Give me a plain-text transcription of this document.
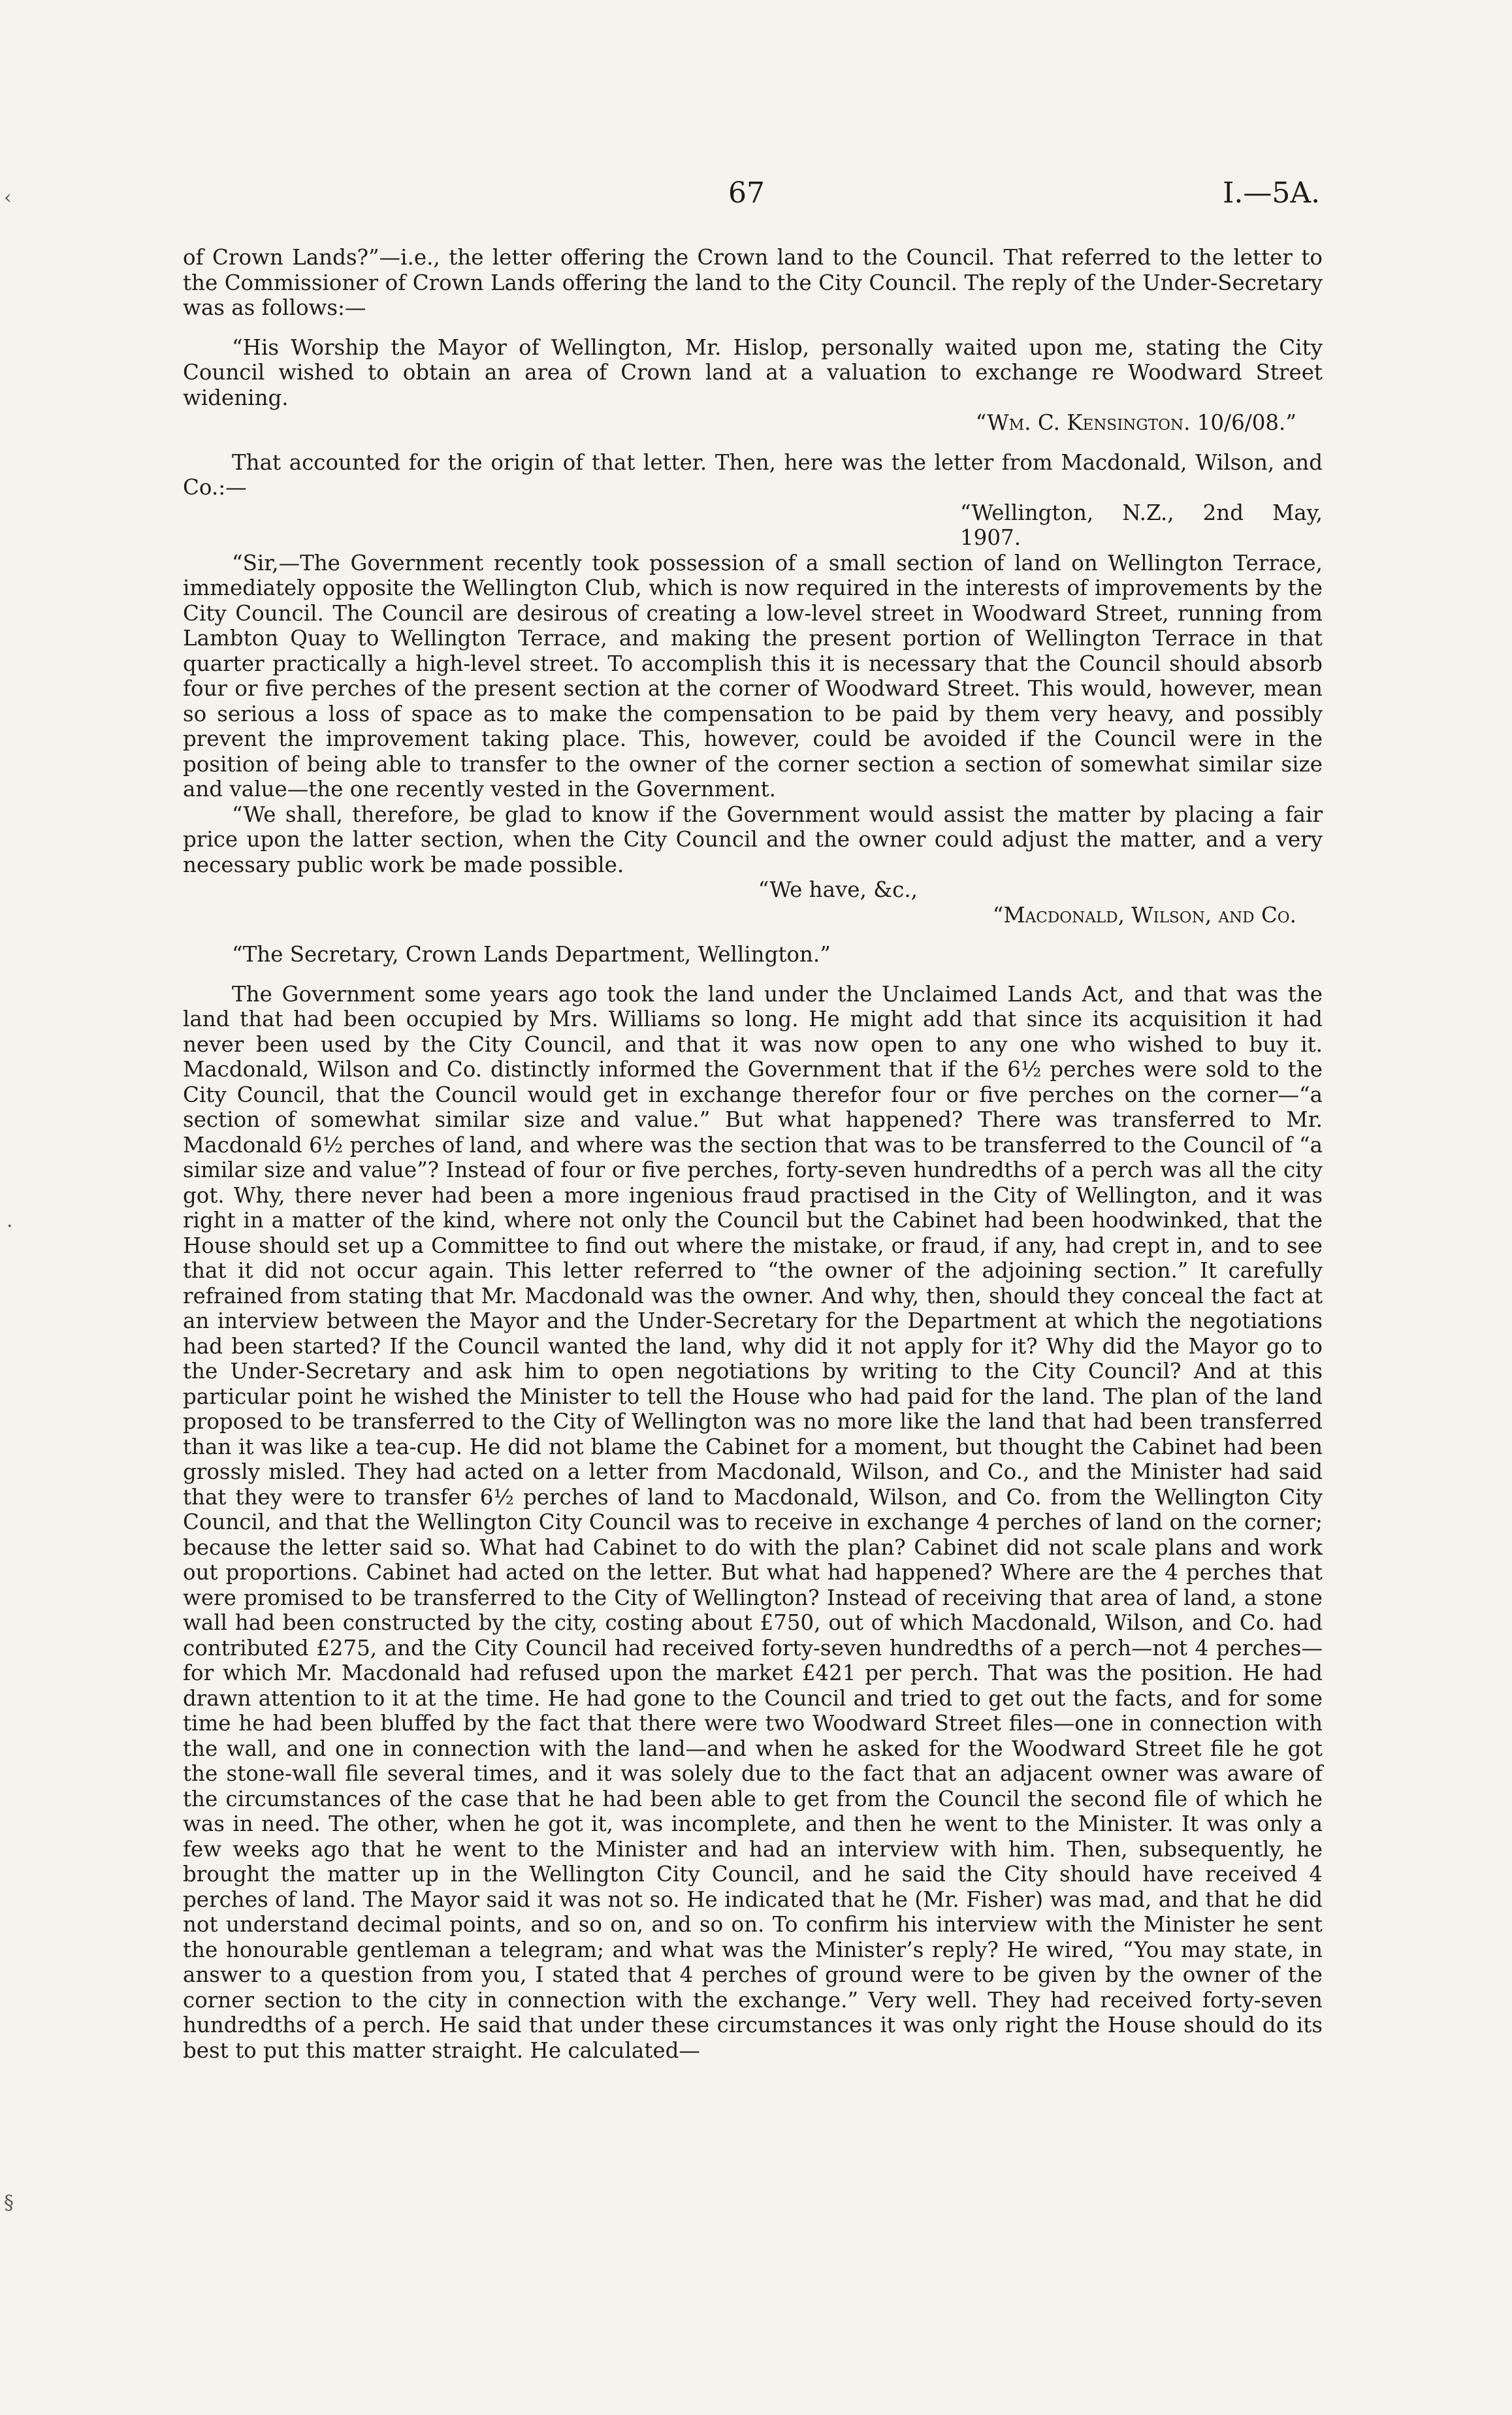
67	I.—5A.
‹
·
§

of Crown Lands?”—i.e., the letter offering the Crown land to the Council. That referred to the letter to the Commissioner of Crown Lands offering the land to the City Council. The reply of the Under-Secretary was as follows:—

“His Worship the Mayor of Wellington, Mr. Hislop, personally waited upon me, stating the City Council wished to obtain an area of Crown land at a valuation to exchange re Woodward Street widening.

“Wm. C. Kensington. 10/6/08.”

That accounted for the origin of that letter. Then, here was the letter from Macdonald, Wilson, and Co.:—

“Wellington, N.Z., 2nd May, 1907.

“Sir,—The Government recently took possession of a small section of land on Wellington Terrace, immediately opposite the Wellington Club, which is now required in the interests of improvements by the City Council. The Council are desirous of creating a low-level street in Woodward Street, running from Lambton Quay to Wellington Terrace, and making the present portion of Wellington Terrace in that quarter practically a high-level street. To accomplish this it is necessary that the Council should absorb four or five perches of the present section at the corner of Woodward Street. This would, however, mean so serious a loss of space as to make the compensation to be paid by them very heavy, and possibly prevent the improvement taking place. This, however, could be avoided if the Council were in the position of being able to transfer to the owner of the corner section a section of somewhat similar size and value—the one recently vested in the Government.

“We shall, therefore, be glad to know if the Government would assist the matter by placing a fair price upon the latter section, when the City Council and the owner could adjust the matter, and a very necessary public work be made possible.

“We have, &c.,

“Macdonald, Wilson, and Co.

“The Secretary, Crown Lands Department, Wellington.”

The Government some years ago took the land under the Unclaimed Lands Act, and that was the land that had been occupied by Mrs. Williams so long. He might add that since its acquisition it had never been used by the City Council, and that it was now open to any one who wished to buy it. Macdonald, Wilson and Co. distinctly informed the Government that if the 6½ perches were sold to the City Council, that the Council would get in exchange therefor four or five perches on the corner—“a section of somewhat similar size and value.” But what happened? There was transferred to Mr. Macdonald 6½ perches of land, and where was the section that was to be transferred to the Council of “a similar size and value”? Instead of four or five perches, forty-seven hundredths of a perch was all the city got. Why, there never had been a more ingenious fraud practised in the City of Wellington, and it was right in a matter of the kind, where not only the Council but the Cabinet had been hoodwinked, that the House should set up a Committee to find out where the mistake, or fraud, if any, had crept in, and to see that it did not occur again. This letter referred to “the owner of the adjoining section.” It carefully refrained from stating that Mr. Macdonald was the owner. And why, then, should they conceal the fact at an interview between the Mayor and the Under-Secretary for the Department at which the negotiations had been started? If the Council wanted the land, why did it not apply for it? Why did the Mayor go to the Under-Secretary and ask him to open negotiations by writing to the City Council? And at this particular point he wished the Minister to tell the House who had paid for the land. The plan of the land proposed to be transferred to the City of Wellington was no more like the land that had been transferred than it was like a tea-cup. He did not blame the Cabinet for a moment, but thought the Cabinet had been grossly misled. They had acted on a letter from Macdonald, Wilson, and Co., and the Minister had said that they were to transfer 6½ perches of land to Macdonald, Wilson, and Co. from the Wellington City Council, and that the Wellington City Council was to receive in exchange 4 perches of land on the corner; because the letter said so. What had Cabinet to do with the plan? Cabinet did not scale plans and work out proportions. Cabinet had acted on the letter. But what had happened? Where are the 4 perches that were promised to be transferred to the City of Wellington? Instead of receiving that area of land, a stone wall had been constructed by the city, costing about £750, out of which Macdonald, Wilson, and Co. had contributed £275, and the City Council had received forty-seven hundredths of a perch—not 4 perches—for which Mr. Macdonald had refused upon the market £421 per perch. That was the position. He had drawn attention to it at the time. He had gone to the Council and tried to get out the facts, and for some time he had been bluffed by the fact that there were two Woodward Street files—one in connection with the wall, and one in connection with the land—and when he asked for the Woodward Street file he got the stone-wall file several times, and it was solely due to the fact that an adjacent owner was aware of the circumstances of the case that he had been able to get from the Council the second file of which he was in need. The other, when he got it, was incomplete, and then he went to the Minister. It was only a few weeks ago that he went to the Minister and had an interview with him. Then, subsequently, he brought the matter up in the Wellington City Council, and he said the City should have received 4 perches of land. The Mayor said it was not so. He indicated that he (Mr. Fisher) was mad, and that he did not understand decimal points, and so on, and so on. To confirm his interview with the Minister he sent the honourable gentleman a telegram; and what was the Minister’s reply? He wired, “You may state, in answer to a question from you, I stated that 4 perches of ground were to be given by the owner of the corner section to the city in connection with the exchange.” Very well. They had received forty-seven hundredths of a perch. He said that under these circumstances it was only right the House should do its best to put this matter straight. He calculated—
